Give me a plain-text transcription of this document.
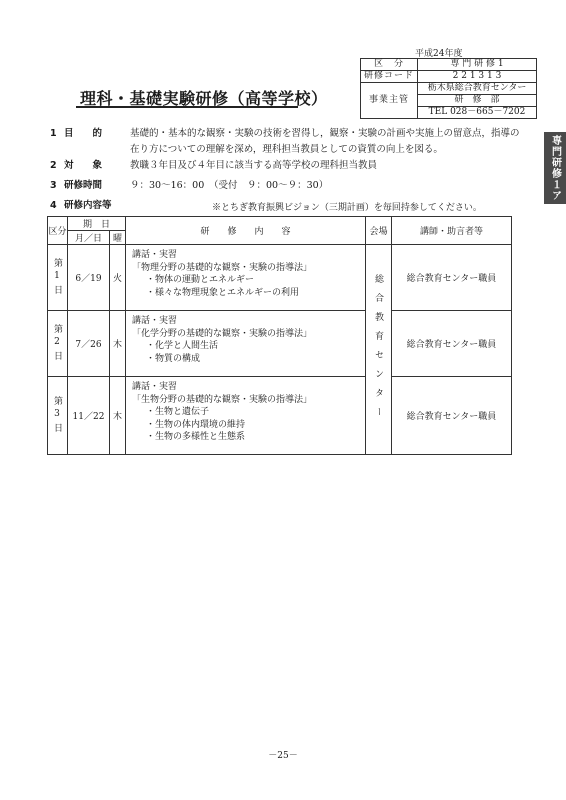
平成24年度
区　分	専 門 研 修 1
研修コード	2 2 1 3 1 3
事業主管	栃木県総合教育センター
	研　修　部
	TEL 028－665－7202
理科・基礎実験研修（高等学校）
専門研修１ア
1 目　　的	基礎的・基本的な観察・実験の技術を習得し，観察・実験の計画や実施上の留意点，指導の在り方についての理解を深め，理科担当教員としての資質の向上を図る。
2 対　　象	教職３年目及び４年目に該当する高等学校の理科担当教員
3 研修時間	９：30～16：00　（受付　９：00～９：30）
4 研修内容等	※とちぎ教育振興ビジョン（三期計画）を毎回持参してください。
区分	期　日		研　　修　　内　　容	会場	講師・助言者等
	月／日	曜			

第1日	6／19	火	講話・実習
「物理分野の基礎的な観察・実験の指導法」
・物体の運動とエネルギー
・様々な物理現象とエネルギーの利用	総合教育センター	総合教育センター職員

第2日	7／26	木	講話・実習
「化学分野の基礎的な観察・実験の指導法」
・化学と人間生活
・物質の構成		総合教育センター職員

第3日	11／22	木	講話・実習
「生物分野の基礎的な観察・実験の指導法」
・生物と遺伝子
・生物の体内環境の維持
・生物の多様性と生態系		総合教育センター職員
－25－
